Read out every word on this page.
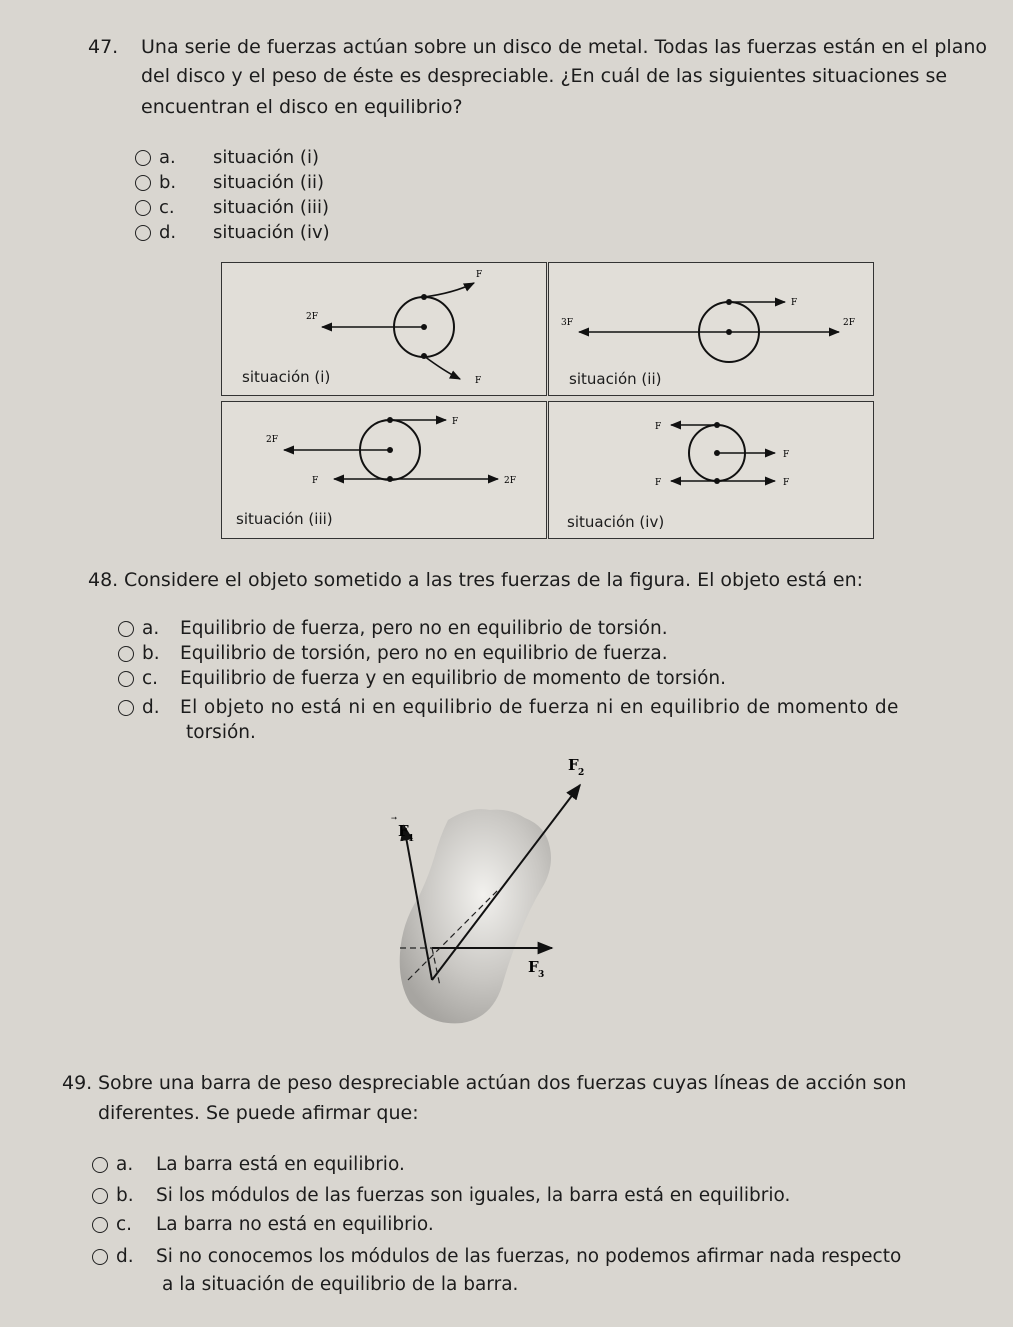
47. Una serie de fuerzas actúan sobre un disco de metal. Todas las fuerzas están en el plano
del disco y el peso de éste es despreciable. ¿En cuál de las siguientes situaciones se
encuentran el disco en equilibrio?
a.	situación (i)
b.	situación (ii)
c.	situación (iii)
d.	situación (iv)
F
2F
F
situación (i)
F
3F	2F
situación (ii)
F
2F
F	2F
situación (iii)
F
F
F	F
situación (iv)
48. Considere el objeto sometido a las tres fuerzas de la figura. El objeto está en:
a.	Equilibrio de fuerza, pero no en equilibrio de torsión.
b.	Equilibrio de torsión, pero no en equilibrio de fuerza.
c.	Equilibrio de fuerza y en equilibrio de momento de torsión.
d.	El objeto no está ni en equilibrio de fuerza ni en equilibrio de momento de
torsión.
F 1
F 2
F 3
49. Sobre una barra de peso despreciable actúan dos fuerzas cuyas líneas de acción son
diferentes. Se puede afirmar que:
a.	La barra está en equilibrio.
b.	Si los módulos de las fuerzas son iguales, la barra está en equilibrio.
c.	La barra no está en equilibrio.
d.	Si no conocemos los módulos de las fuerzas, no podemos afirmar nada respecto
a la situación de equilibrio de la barra.
